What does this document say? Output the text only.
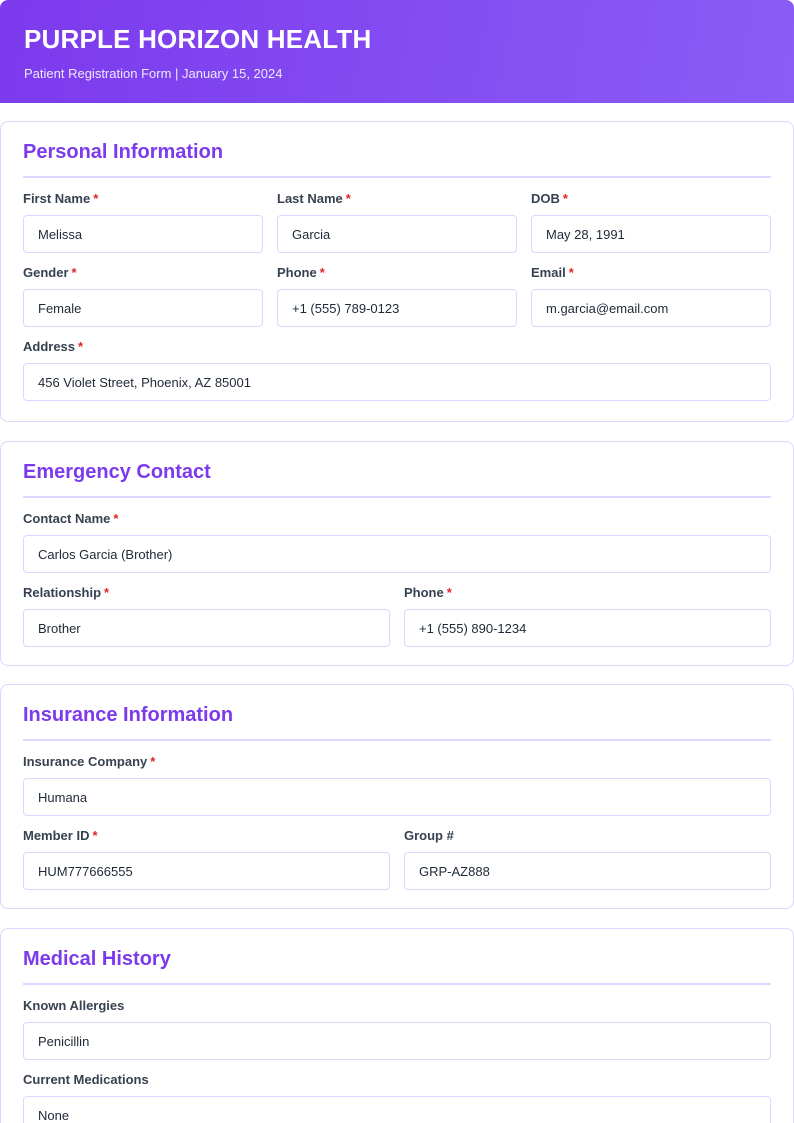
PURPLE HORIZON HEALTH
Patient Registration Form | January 15, 2024
Personal Information
First Name *
Melissa	Last Name *
Garcia	DOB *
May 28, 1991
Gender *
Female	Phone *
+1 (555) 789-0123	Email *
m.garcia@email.com
Address *
456 Violet Street, Phoenix, AZ 85001
Emergency Contact
Contact Name *
Carlos Garcia (Brother)
Relationship *
Brother	Phone *
+1 (555) 890-1234
Insurance Information
Insurance Company *
Humana
Member ID *
HUM777666555	Group #
GRP-AZ888
Medical History
Known Allergies
Penicillin
Current Medications
None
